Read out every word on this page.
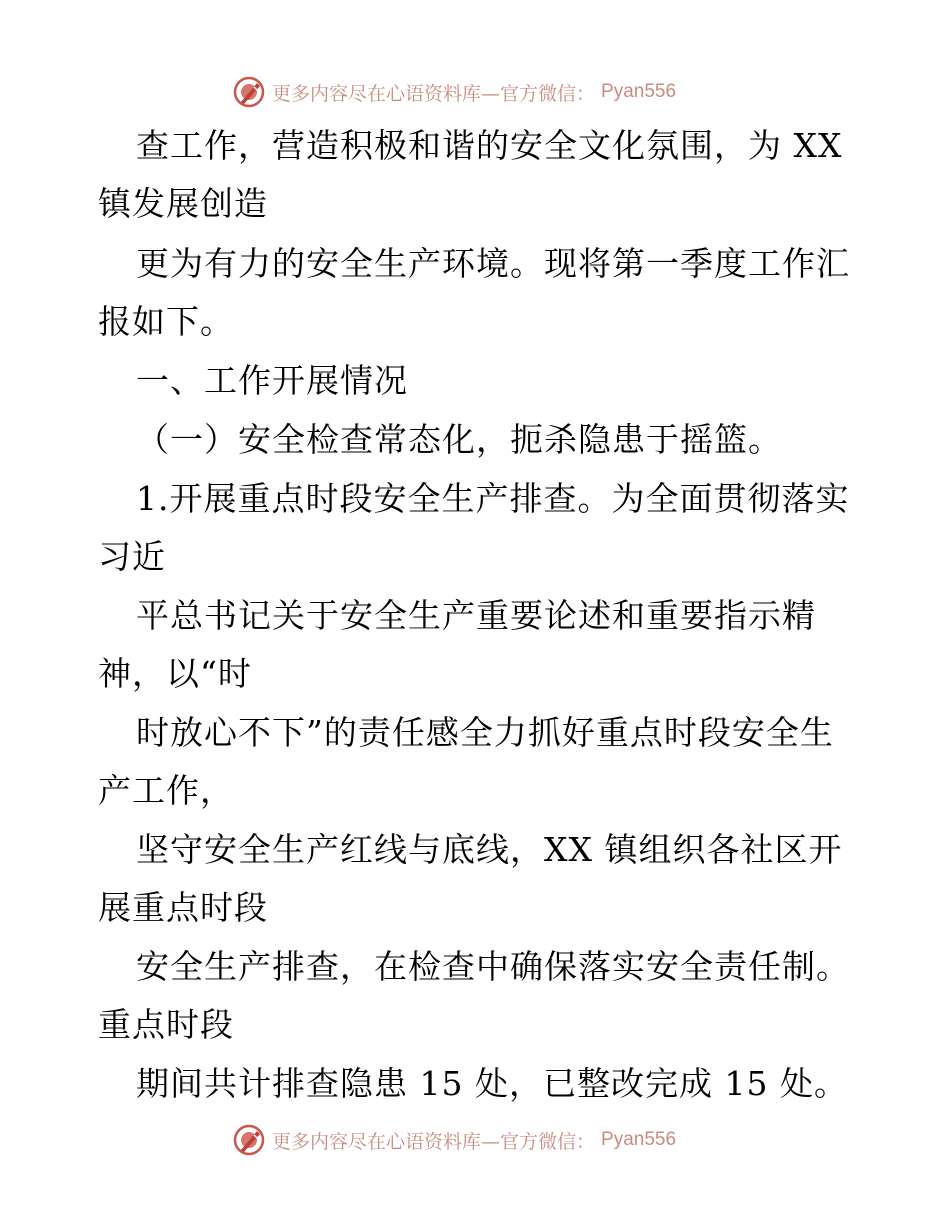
更多内容尽在心语资料库—官方微信： Pyan556
查工作，营造积极和谐的安全文化氛围，为 XX
镇发展创造
更为有力的安全生产环境。现将第一季度工作汇
报如下。
一、工作开展情况
（一）安全检查常态化，扼杀隐患于摇篮。
1.开展重点时段安全生产排查。为全面贯彻落实
习近
平总书记关于安全生产重要论述和重要指示精
神，以“时
时放心不下”的责任感全力抓好重点时段安全生
产工作，
坚守安全生产红线与底线，XX 镇组织各社区开
展重点时段
安全生产排查，在检查中确保落实安全责任制。
重点时段
期间共计排查隐患 15 处，已整改完成 15 处。
更多内容尽在心语资料库—官方微信： Pyan556
